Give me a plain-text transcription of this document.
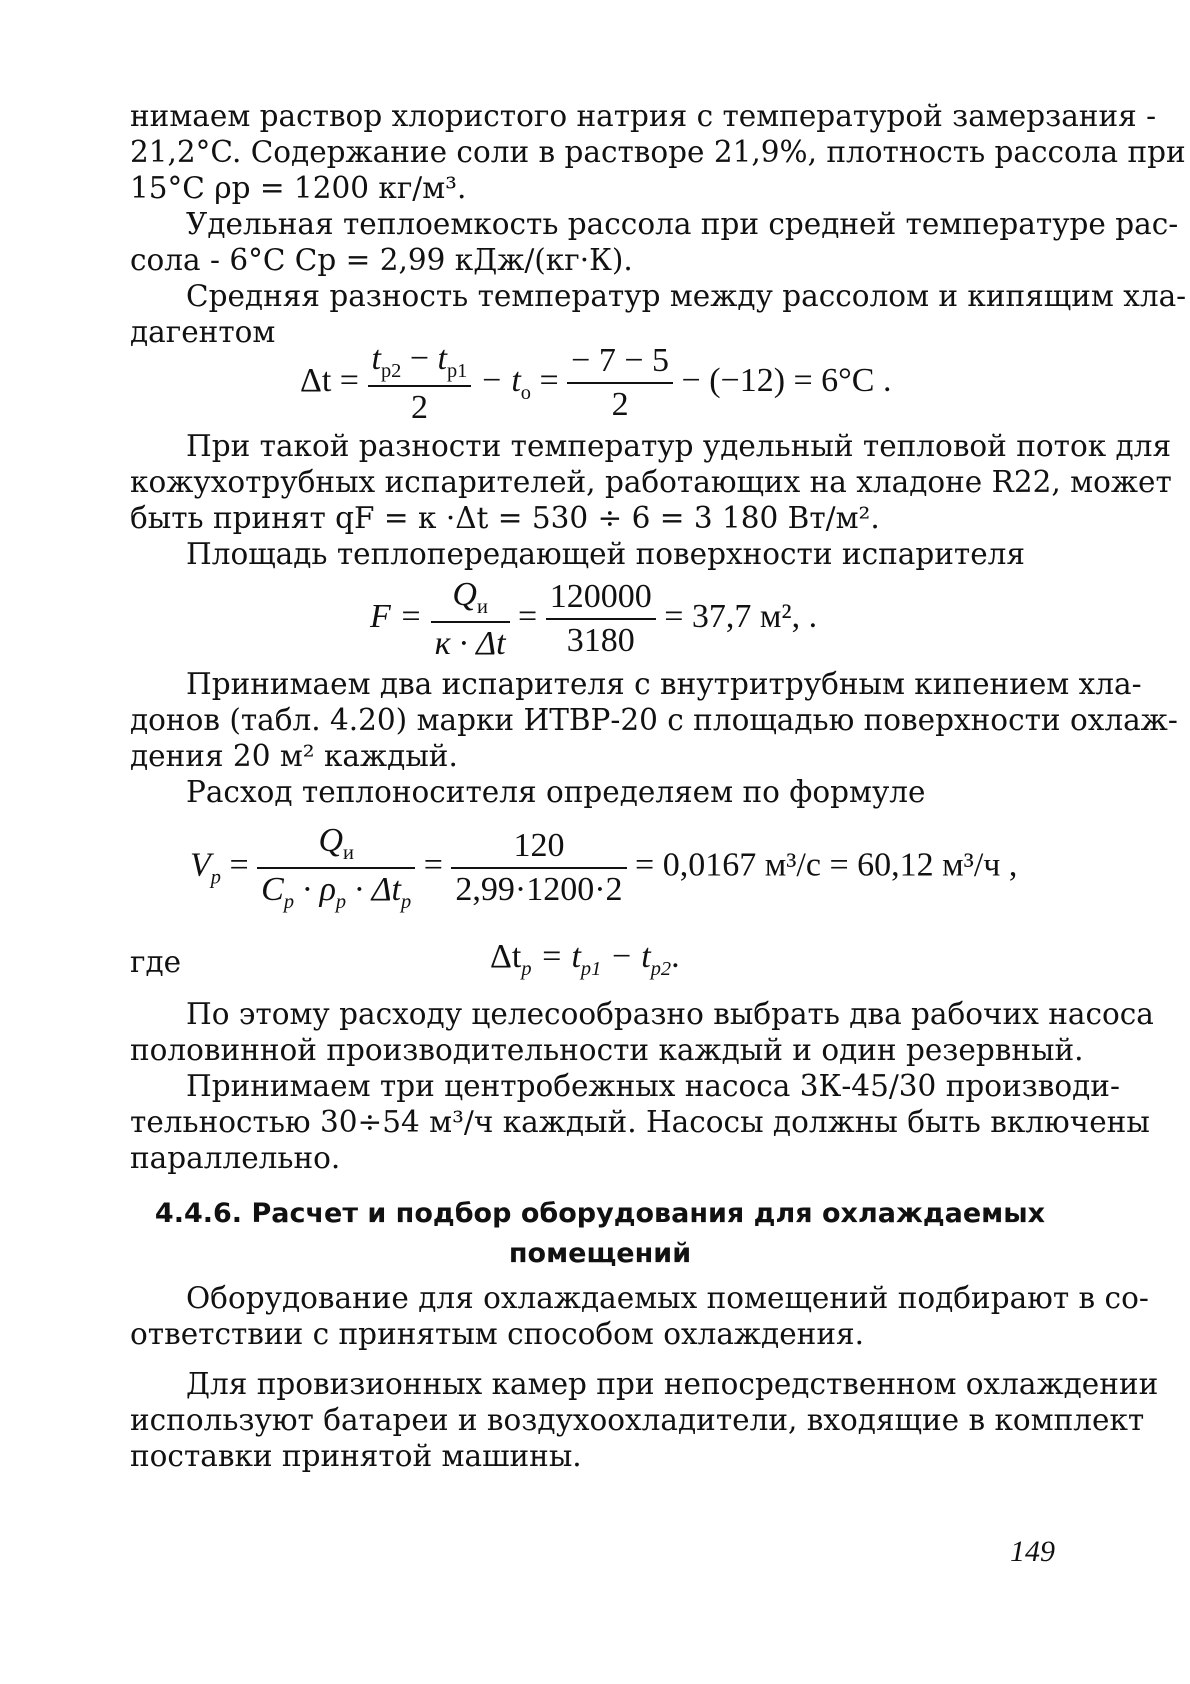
нимаем раствор хлористого натрия с температурой замерзания -
21,2°C. Содержание соли в растворе 21,9%, плотность рассола при
15°С ρр = 1200 кг/м³.
Удельная теплоемкость рассола при средней температуре рас-
сола - 6°С Ср = 2,99 кДж/(кг·К).
Средняя разность температур между рассолом и кипящим хла-
дагентом
$\Delta t = \frac{t_{p2} - t_{p1}}{2} - t_o = \frac{- 7 - 5}{2} - (-12) = 6^\circ C$ .
При такой разности температур удельный тепловой поток для
кожухотрубных испарителей, работающих на хладоне R22, может
быть принят qF = к ·Δt = 530 ÷ 6 = 3 180 Вт/м².
Площадь теплопередающей поверхности испарителя
$F = \frac{Q_и}{к \cdot \Delta t} = \frac{120000}{3180} = 37,7$ м², .
Принимаем два испарителя с внутритрубным кипением хла-
донов (табл. 4.20) марки ИТВР-20 с площадью поверхности охлаж-
дения 20 м² каждый.
Расход теплоносителя определяем по формуле
$V_p = \frac{Q_и}{C_p \cdot \rho_p \cdot \Delta t_p} = \frac{120}{2,99\cdot 1200\cdot 2} = 0,0167$ м³/с = 60,12 м³/ч ,
где	$\Delta t_p = t_{p1} - t_{p2}$.
По этому расходу целесообразно выбрать два рабочих насоса
половинной производительности каждый и один резервный.
Принимаем три центробежных насоса 3К-45/30 производи-
тельностью 30÷54 м³/ч каждый. Насосы должны быть включены
параллельно.
4.4.6. Расчет и подбор оборудования для охлаждаемых
помещений
Оборудование для охлаждаемых помещений подбирают в со-
ответствии с принятым способом охлаждения.
Для провизионных камер при непосредственном охлаждении
используют батареи и воздухоохладители, входящие в комплект
поставки принятой машины.
149
